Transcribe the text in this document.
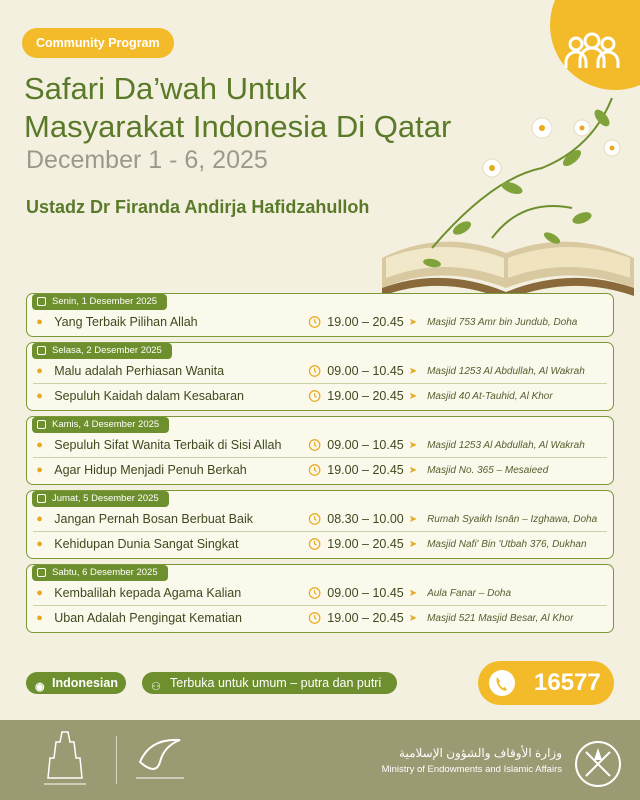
Community Program
Safari Da’wah Untuk
Masyarakat Indonesia Di Qatar
December 1 - 6, 2025
Ustadz Dr Firanda Andirja Hafidzahulloh
Senin, 1 Desember 2025
● Yang Terbaik Pilihan Allah	19.00 – 20.45 ➤ Masjid 753 Amr bin Jundub, Doha
Selasa, 2 Desember 2025
● Malu adalah Perhiasan Wanita	09.00 – 10.45 ➤ Masjid 1253 Al Abdullah, Al Wakrah
● Sepuluh Kaidah dalam Kesabaran	19.00 – 20.45 ➤ Masjid 40 At-Tauhid, Al Khor
Kamis, 4 Desember 2025
● Sepuluh Sifat Wanita Terbaik di Sisi Allah	09.00 – 10.45 ➤ Masjid 1253 Al Abdullah, Al Wakrah
● Agar Hidup Menjadi Penuh Berkah	19.00 – 20.45 ➤ Masjid No. 365 – Mesaieed
Jumat, 5 Desember 2025
● Jangan Pernah Bosan Berbuat Baik	08.30 – 10.00 ➤ Rumah Syaikh Isnān – Izghawa, Doha
● Kehidupan Dunia Sangat Singkat	19.00 – 20.45 ➤ Masjid Nafi' Bin 'Utbah 376, Dukhan
Sabtu, 6 Desember 2025
● Kembalilah kepada Agama Kalian	09.00 – 10.45 ➤ Aula Fanar – Doha
● Uban Adalah Pengingat Kematian	19.00 – 20.45 ➤ Masjid 521 Masjid Besar, Al Khor
◉ Indonesian	⚇ Terbuka untuk umum – putra dan putri	16577
وزارة الأوقاف والشؤون الإسلامية
Ministry of Endowments and Islamic Affairs
